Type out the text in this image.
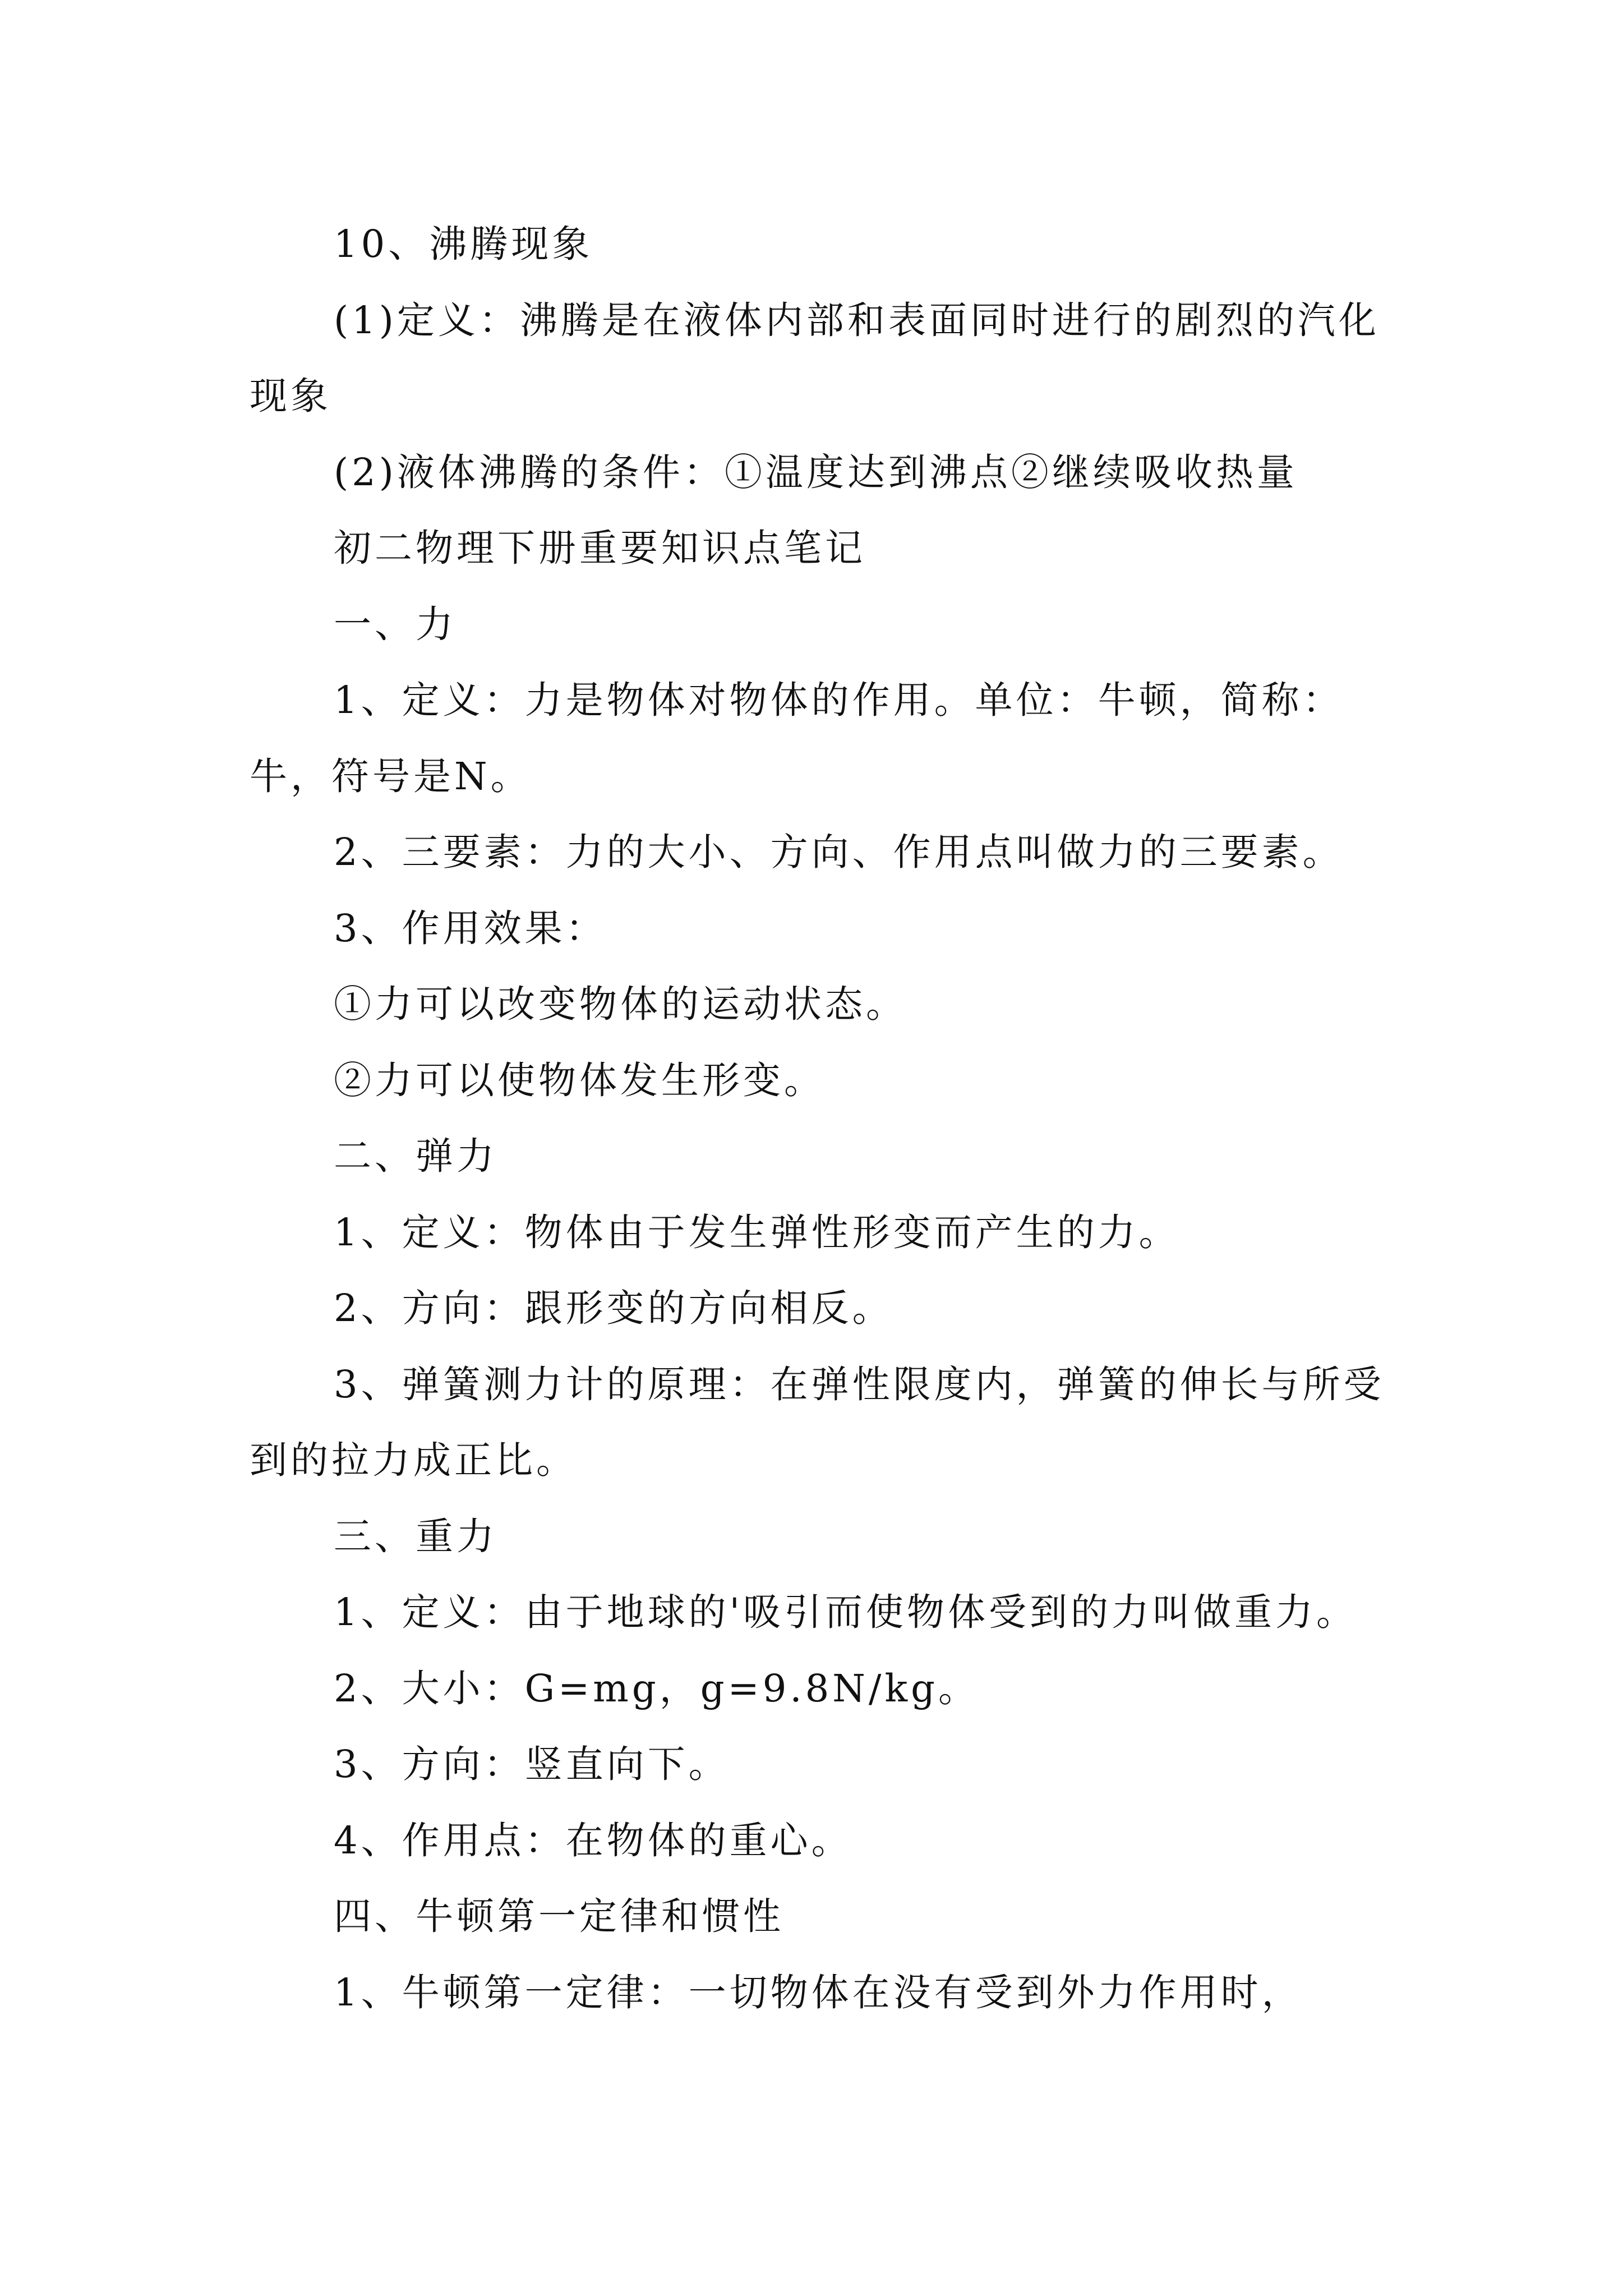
10、沸腾现象

(1)定义：沸腾是在液体内部和表面同时进行的剧烈的汽化现象

(2)液体沸腾的条件：①温度达到沸点②继续吸收热量

初二物理下册重要知识点笔记

一、力

1、定义：力是物体对物体的作用。单位：牛顿，简称：牛，符号是N。

2、三要素：力的大小、方向、作用点叫做力的三要素。

3、作用效果：

①力可以改变物体的运动状态。

②力可以使物体发生形变。

二、弹力

1、定义：物体由于发生弹性形变而产生的力。

2、方向：跟形变的方向相反。

3、弹簧测力计的原理：在弹性限度内，弹簧的伸长与所受到的拉力成正比。

三、重力

1、定义：由于地球的'吸引而使物体受到的力叫做重力。

2、大小：G=mg，g=9.8N/kg。

3、方向：竖直向下。

4、作用点：在物体的重心。

四、牛顿第一定律和惯性

1、牛顿第一定律：一切物体在没有受到外力作用时，
